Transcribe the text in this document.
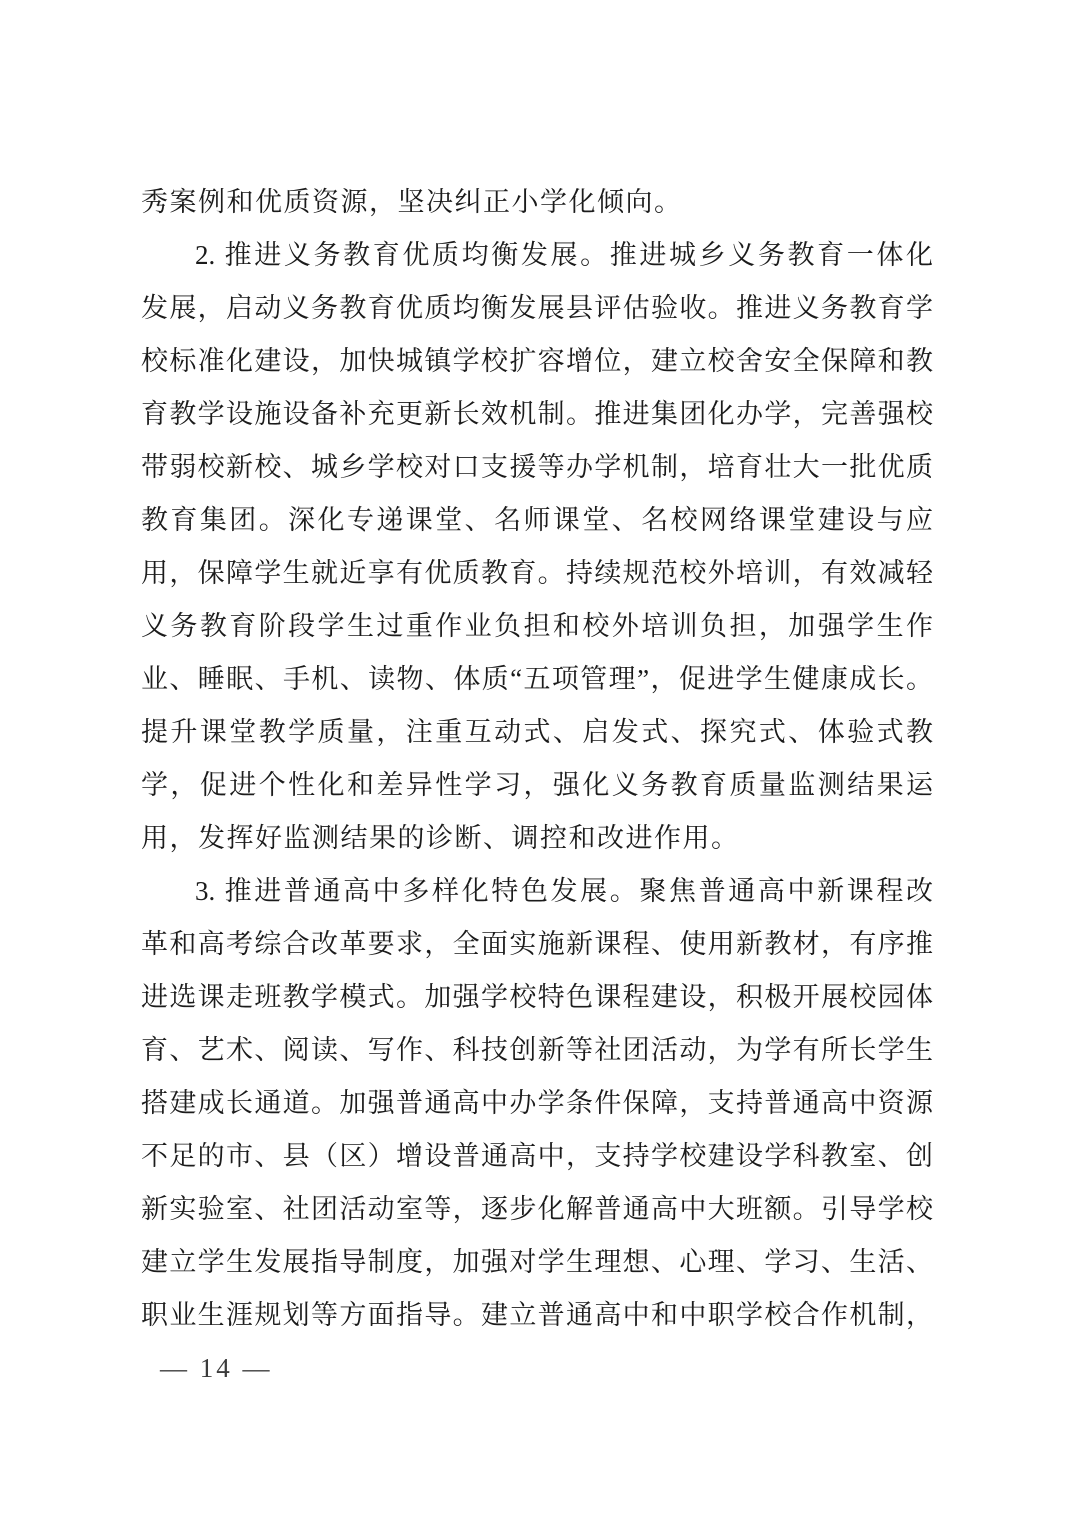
秀案例和优质资源，坚决纠正小学化倾向。
2. 推进义务教育优质均衡发展。推进城乡义务教育一体化
发展，启动义务教育优质均衡发展县评估验收。推进义务教育学
校标准化建设，加快城镇学校扩容增位，建立校舍安全保障和教
育教学设施设备补充更新长效机制。推进集团化办学，完善强校
带弱校新校、城乡学校对口支援等办学机制，培育壮大一批优质
教育集团。深化专递课堂、名师课堂、名校网络课堂建设与应
用，保障学生就近享有优质教育。持续规范校外培训，有效减轻
义务教育阶段学生过重作业负担和校外培训负担，加强学生作
业、睡眠、手机、读物、体质“五项管理”，促进学生健康成长。
提升课堂教学质量，注重互动式、启发式、探究式、体验式教
学，促进个性化和差异性学习，强化义务教育质量监测结果运
用，发挥好监测结果的诊断、调控和改进作用。
3. 推进普通高中多样化特色发展。聚焦普通高中新课程改
革和高考综合改革要求，全面实施新课程、使用新教材，有序推
进选课走班教学模式。加强学校特色课程建设，积极开展校园体
育、艺术、阅读、写作、科技创新等社团活动，为学有所长学生
搭建成长通道。加强普通高中办学条件保障，支持普通高中资源
不足的市、县（区）增设普通高中，支持学校建设学科教室、创
新实验室、社团活动室等，逐步化解普通高中大班额。引导学校
建立学生发展指导制度，加强对学生理想、心理、学习、生活、
职业生涯规划等方面指导。建立普通高中和中职学校合作机制，
— 14 —
